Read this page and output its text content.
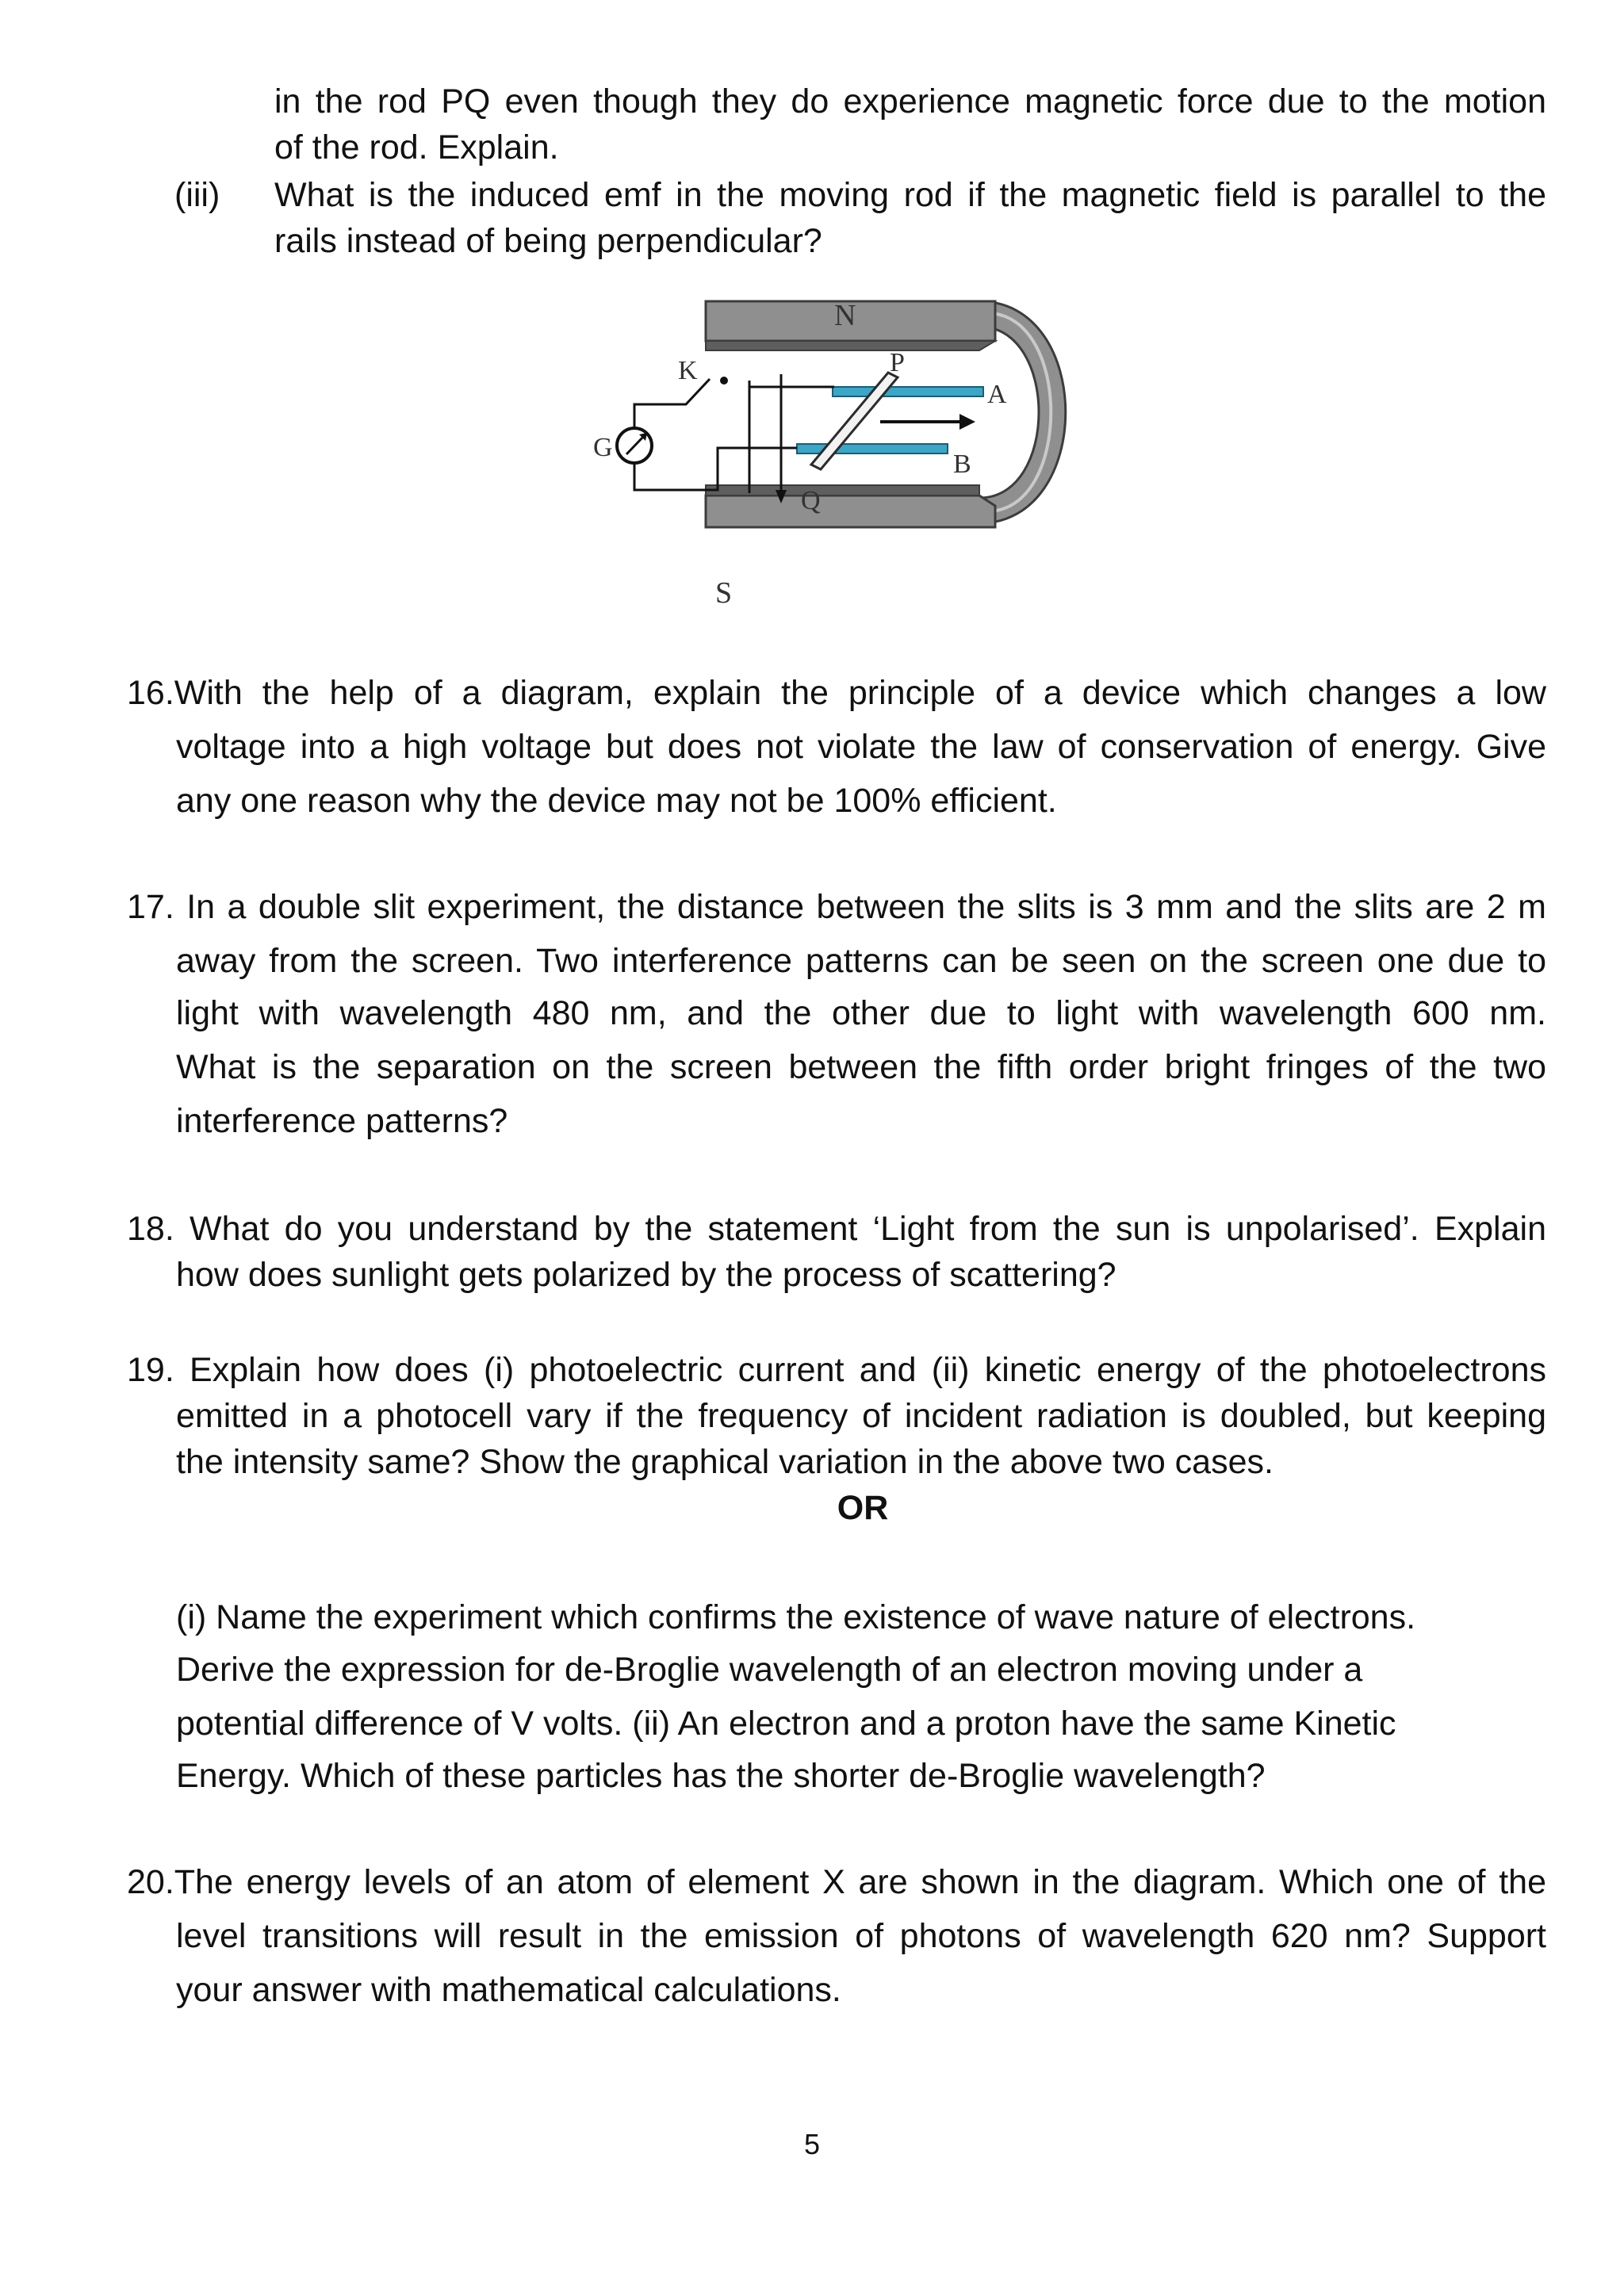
in the rod PQ even though they do experience magnetic force due to the motion
of the rod. Explain.
(iii) What is the induced emf in the moving rod if the magnetic field is parallel to the
rails instead of being perpendicular?
N
P
A
B
Q
K
G
S
16.With the help of a diagram, explain the principle of a device which changes a low
voltage into a high voltage but does not violate the law of conservation of energy. Give
any one reason why the device may not be 100% efficient.
17. In a double slit experiment, the distance between the slits is 3 mm and the slits are 2 m
away from the screen. Two interference patterns can be seen on the screen one due to
light with wavelength 480 nm, and the other due to light with wavelength 600 nm.
What is the separation on the screen between the fifth order bright fringes of the two
interference patterns?
18. What do you understand by the statement ‘Light from the sun is unpolarised’. Explain
how does sunlight gets polarized by the process of scattering?
19. Explain how does (i) photoelectric current and (ii) kinetic energy of the photoelectrons
emitted in a photocell vary if the frequency of incident radiation is doubled, but keeping
the intensity same? Show the graphical variation in the above two cases.
OR
(i) Name the experiment which confirms the existence of wave nature of electrons.
Derive the expression for de-Broglie wavelength of an electron moving under a
potential difference of V volts. (ii) An electron and a proton have the same Kinetic
Energy. Which of these particles has the shorter de-Broglie wavelength?
20.The energy levels of an atom of element X are shown in the diagram. Which one of the
level transitions will result in the emission of photons of wavelength 620 nm? Support
your answer with mathematical calculations.
5
